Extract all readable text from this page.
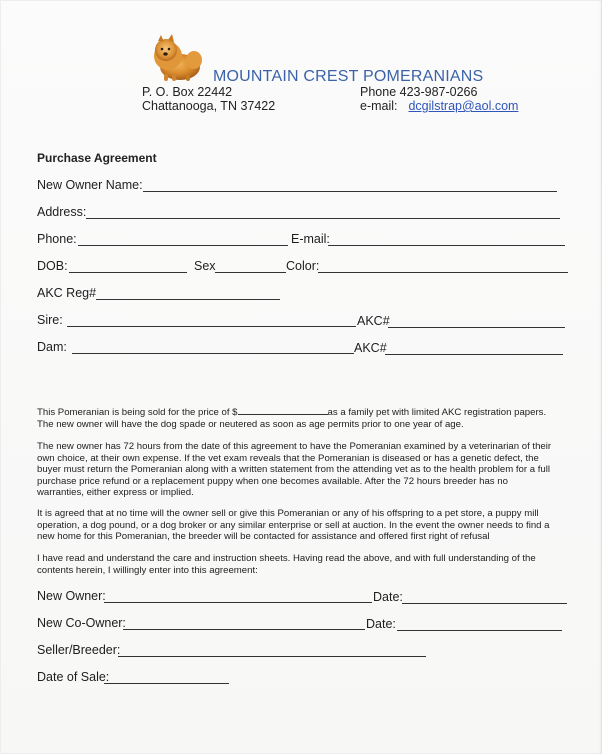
MOUNTAIN CREST POMERANIANS
P. O. Box 22442
Chattanooga, TN 37422
Phone 423-987-0266
e-mail: dcgilstrap@aol.com
Purchase Agreement
New Owner Name:
Address:
Phone:	E-mail:
DOB:	Sex	Color:
AKC Reg#
Sire:	AKC#
Dam:	AKC#
This Pomeranian is being sold for the price of $	as a family pet with limited AKC registration papers.
The new owner will have the dog spade or neutered as soon as age permits prior to one year of age.
The new owner has 72 hours from the date of this agreement to have the Pomeranian examined by a veterinarian of their
own choice, at their own expense. If the vet exam reveals that the Pomeranian is diseased or has a genetic defect, the
buyer must return the Pomeranian along with a written statement from the attending vet as to the health problem for a full
purchase price refund or a replacement puppy when one becomes available. After the 72 hours breeder has no
warranties, either express or implied.
It is agreed that at no time will the owner sell or give this Pomeranian or any of his offspring to a pet store, a puppy mill
operation, a dog pound, or a dog broker or any similar enterprise or sell at auction. In the event the owner needs to find a
new home for this Pomeranian, the breeder will be contacted for assistance and offered first right of refusal
I have read and understand the care and instruction sheets. Having read the above, and with full understanding of the
contents herein, I willingly enter into this agreement:
New Owner:	Date:
New Co-Owner:	Date:
Seller/Breeder:
Date of Sale:
